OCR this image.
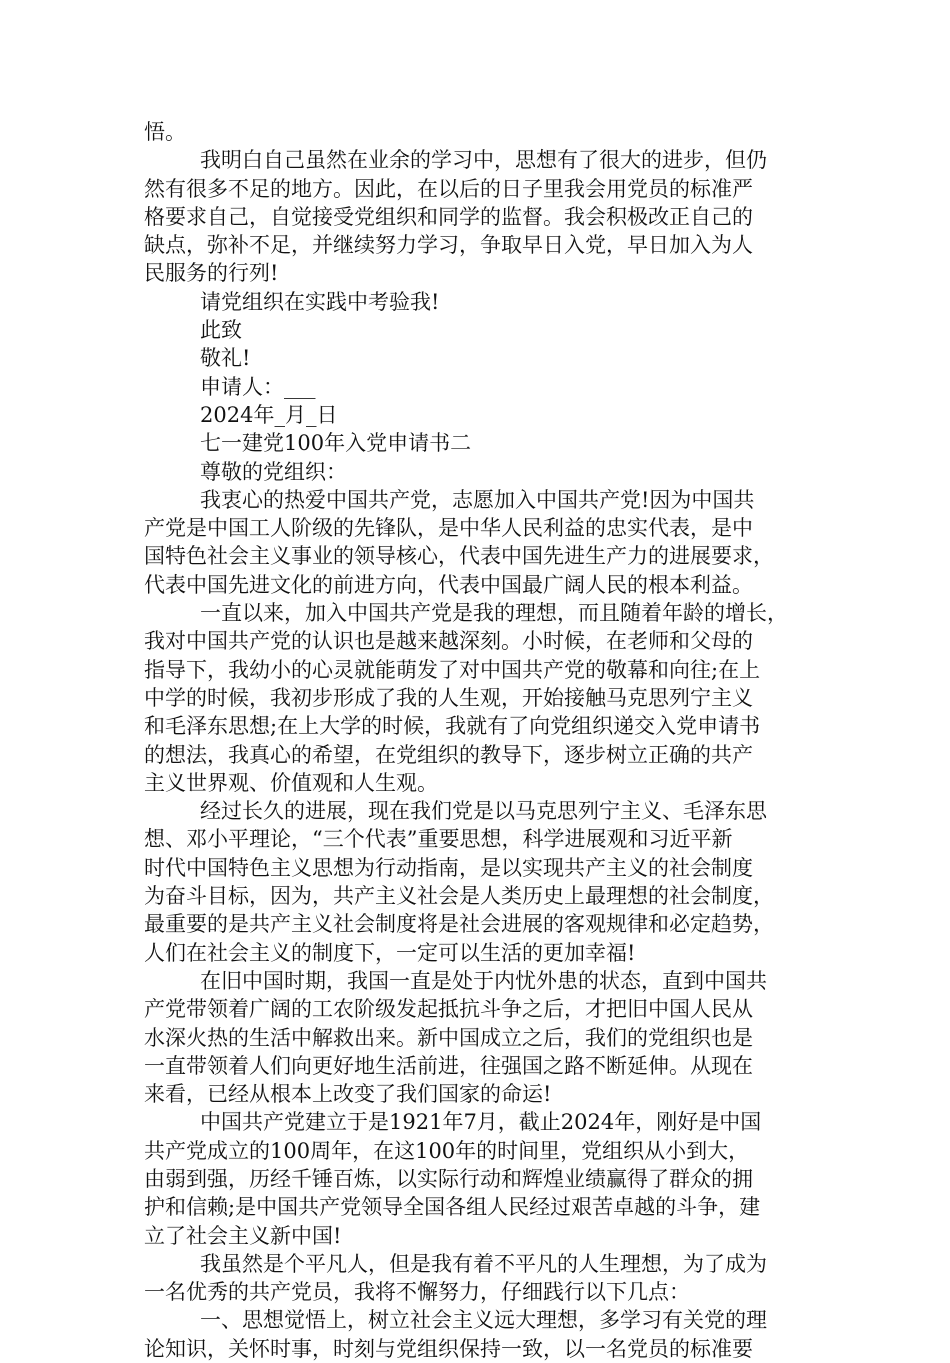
悟。
我明白自己虽然在业余的学习中，思想有了很大的进步，但仍
然有很多不足的地方。因此，在以后的日子里我会用党员的标准严
格要求自己，自觉接受党组织和同学的监督。我会积极改正自己的
缺点，弥补不足，并继续努力学习，争取早日入党，早日加入为人
民服务的行列!
请党组织在实践中考验我!
此致
敬礼!
申请人：___
2024年_月_日
七一建党100年入党申请书二
尊敬的党组织：
我衷心的热爱中国共产党，志愿加入中国共产党!因为中国共
产党是中国工人阶级的先锋队，是中华人民利益的忠实代表，是中
国特色社会主义事业的领导核心，代表中国先进生产力的进展要求，
代表中国先进文化的前进方向，代表中国最广阔人民的根本利益。
一直以来，加入中国共产党是我的理想，而且随着年龄的增长，
我对中国共产党的认识也是越来越深刻。小时候，在老师和父母的
指导下，我幼小的心灵就能萌发了对中国共产党的敬幕和向往;在上
中学的时候，我初步形成了我的人生观，开始接触马克思列宁主义
和毛泽东思想;在上大学的时候，我就有了向党组织递交入党申请书
的想法，我真心的希望，在党组织的教导下，逐步树立正确的共产
主义世界观、价值观和人生观。
经过长久的进展，现在我们党是以马克思列宁主义、毛泽东思
想、邓小平理论，“三个代表”重要思想，科学进展观和习近平新
时代中国特色主义思想为行动指南，是以实现共产主义的社会制度
为奋斗目标，因为，共产主义社会是人类历史上最理想的社会制度，
最重要的是共产主义社会制度将是社会进展的客观规律和必定趋势，
人们在社会主义的制度下，一定可以生活的更加幸福!
在旧中国时期，我国一直是处于内忧外患的状态，直到中国共
产党带领着广阔的工农阶级发起抵抗斗争之后，才把旧中国人民从
水深火热的生活中解救出来。新中国成立之后，我们的党组织也是
一直带领着人们向更好地生活前进，往强国之路不断延伸。从现在
来看，已经从根本上改变了我们国家的命运!
中国共产党建立于是1921年7月，截止2024年，刚好是中国
共产党成立的100周年，在这100年的时间里，党组织从小到大，
由弱到强，历经千锤百炼，以实际行动和辉煌业绩赢得了群众的拥
护和信赖;是中国共产党领导全国各组人民经过艰苦卓越的斗争，建
立了社会主义新中国!
我虽然是个平凡人，但是我有着不平凡的人生理想，为了成为
一名优秀的共产党员，我将不懈努力，仔细践行以下几点：
一、思想觉悟上，树立社会主义远大理想，多学习有关党的理
论知识，关怀时事，时刻与党组织保持一致，以一名党员的标准要
